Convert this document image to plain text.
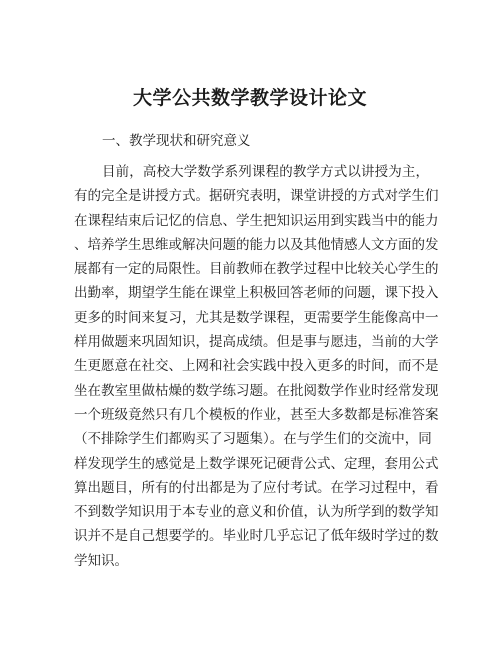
大学公共数学教学设计论文

一、教学现状和研究意义

目前，高校大学数学系列课程的教学方式以讲授为主，
有的完全是讲授方式。据研究表明，课堂讲授的方式对学生们
在课程结束后记忆的信息、学生把知识运用到实践当中的能力
、培养学生思维或解决问题的能力以及其他情感人文方面的发
展都有一定的局限性。目前教师在教学过程中比较关心学生的
出勤率，期望学生能在课堂上积极回答老师的问题，课下投入
更多的时间来复习，尤其是数学课程，更需要学生能像高中一
样用做题来巩固知识，提高成绩。但是事与愿违，当前的大学
生更愿意在社交、上网和社会实践中投入更多的时间，而不是
坐在教室里做枯燥的数学练习题。在批阅数学作业时经常发现
一个班级竟然只有几个模板的作业，甚至大多数都是标准答案
（不排除学生们都购买了习题集）。在与学生们的交流中，同
样发现学生的感觉是上数学课死记硬背公式、定理，套用公式
算出题目，所有的付出都是为了应付考试。在学习过程中，看
不到数学知识用于本专业的意义和价值，认为所学到的数学知
识并不是自己想要学的。毕业时几乎忘记了低年级时学过的数
学知识。
